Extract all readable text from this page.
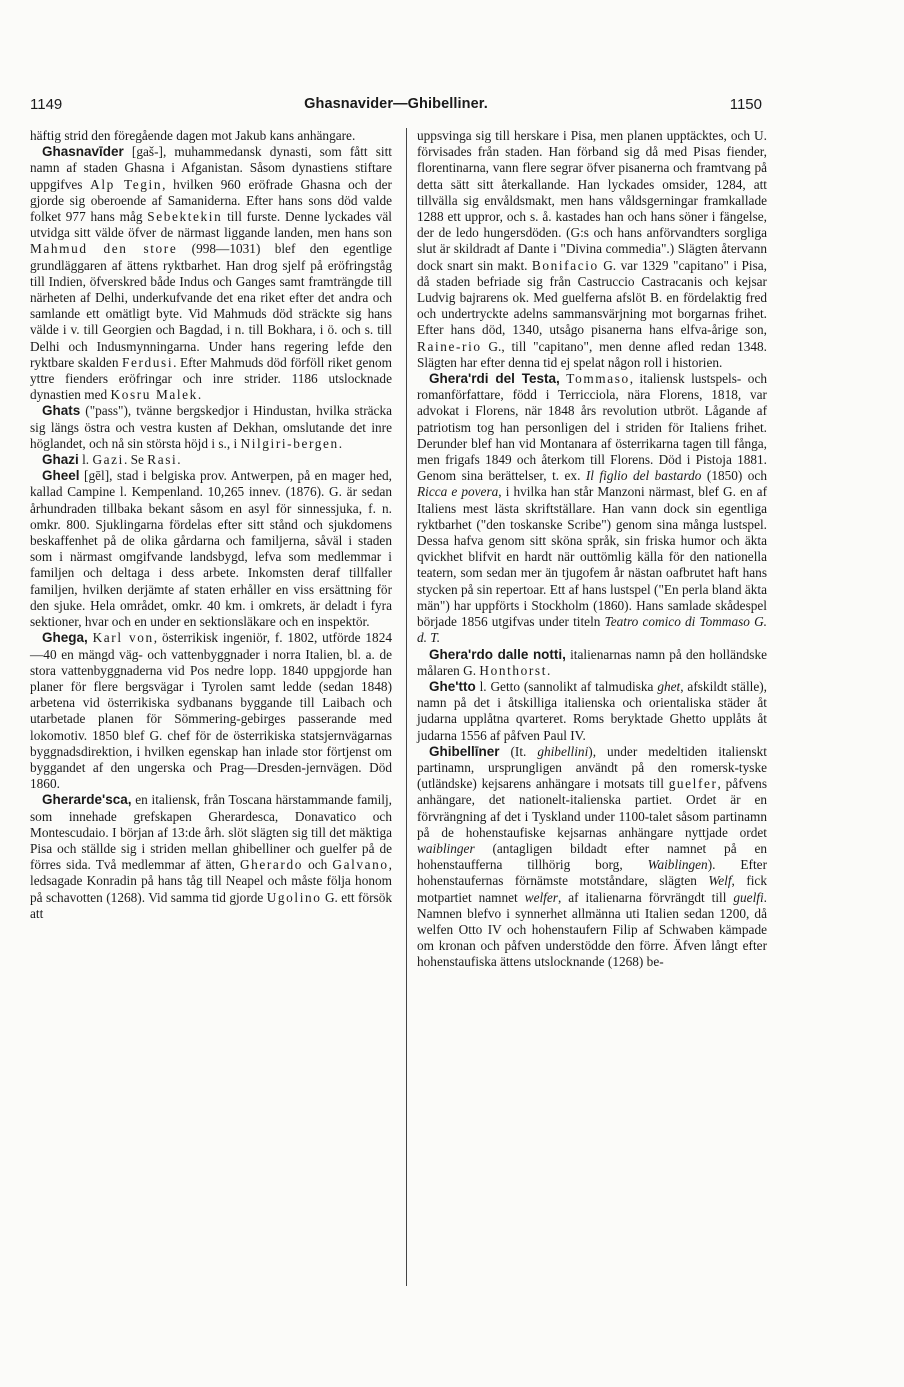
1149	Ghasnavider—Ghibelliner.	1150

häftig strid den föregående dagen mot Jakub kans anhängare.

Ghasnavīder [gaš-], muhammedansk dynasti, som fått sitt namn af staden Ghasna i Afganistan. Såsom dynastiens stiftare uppgifves Alp Tegin, hvilken 960 eröfrade Ghasna och der gjorde sig oberoende af Samaniderna. Efter hans sons död valde folket 977 hans måg Sebektekin till furste. Denne lyckades väl utvidga sitt välde öfver de närmast liggande landen, men hans son Mahmud den store (998—1031) blef den egentlige grundläggaren af ättens ryktbarhet. Han drog sjelf på eröfringståg till Indien, öfverskred både Indus och Ganges samt framträngde till närheten af Delhi, underkufvande det ena riket efter det andra och samlande ett omätligt byte. Vid Mahmuds död sträckte sig hans välde i v. till Georgien och Bagdad, i n. till Bokhara, i ö. och s. till Delhi och Indusmynningarna. Under hans regering lefde den ryktbare skalden Ferdusi. Efter Mahmuds död förföll riket genom yttre fienders eröfringar och inre strider. 1186 utslocknade dynastien med Kosru Malek.

Ghats ("pass"), tvänne bergskedjor i Hindustan, hvilka sträcka sig längs östra och vestra kusten af Dekhan, omslutande det inre höglandet, och nå sin största höjd i s., i Nilgiri-bergen.

Ghazi l. Gazi. Se Rasi.

Gheel [gēl], stad i belgiska prov. Antwerpen, på en mager hed, kallad Campine l. Kempenland. 10,265 innev. (1876). G. är sedan århundraden tillbaka bekant såsom en asyl för sinnessjuka, f. n. omkr. 800. Sjuklingarna fördelas efter sitt stånd och sjukdomens beskaffenhet på de olika gårdarna och familjerna, såväl i staden som i närmast omgifvande landsbygd, lefva som medlemmar i familjen och deltaga i dess arbete. Inkomsten deraf tillfaller familjen, hvilken derjämte af staten erhåller en viss ersättning för den sjuke. Hela området, omkr. 40 km. i omkrets, är deladt i fyra sektioner, hvar och en under en sektionsläkare och en inspektör.

Ghega, Karl von, österrikisk ingeniör, f. 1802, utförde 1824—40 en mängd väg- och vattenbyggnader i norra Italien, bl. a. de stora vattenbyggnaderna vid Pos nedre lopp. 1840 uppgjorde han planer för flere bergsvägar i Tyrolen samt ledde (sedan 1848) arbetena vid österrikiska sydbanans byggande till Laibach och utarbetade planen för Sömmering-gebirges passerande med lokomotiv. 1850 blef G. chef för de österrikiska statsjernvägarnas byggnadsdirektion, i hvilken egenskap han inlade stor förtjenst om byggandet af den ungerska och Prag—Dresden-jernvägen. Död 1860.

Gherarde'sca, en italiensk, från Toscana härstammande familj, som innehade grefskapen Gherardesca, Donavatico och Montescudaio. I början af 13:de årh. slöt slägten sig till det mäktiga Pisa och ställde sig i striden mellan ghibelliner och guelfer på de förres sida. Två medlemmar af ätten, Gherardo och Galvano, ledsagade Konradin på hans tåg till Neapel och måste följa honom på schavotten (1268). Vid samma tid gjorde Ugolino G. ett försök att

uppsvinga sig till herskare i Pisa, men planen upptäcktes, och U. förvisades från staden. Han förband sig då med Pisas fiender, florentinarna, vann flere segrar öfver pisanerna och framtvang på detta sätt sitt återkallande. Han lyckades omsider, 1284, att tillvälla sig envåldsmakt, men hans våldsgerningar framkallade 1288 ett uppror, och s. å. kastades han och hans söner i fängelse, der de ledo hungersdöden. (G:s och hans anförvandters sorgliga slut är skildradt af Dante i "Divina commedia".) Slägten återvann dock snart sin makt. Bonifacio G. var 1329 "capitano" i Pisa, då staden befriade sig från Castruccio Castracanis och kejsar Ludvig bajrarens ok. Med guelferna afslöt B. en fördelaktig fred och undertryckte adelns sammansvärjning mot borgarnas frihet. Efter hans död, 1340, utsågo pisanerna hans elfva-årige son, Raine-rio G., till "capitano", men denne afled redan 1348. Slägten har efter denna tid ej spelat någon roll i historien.

Ghera'rdi del Testa, Tommaso, italiensk lustspels- och romanförfattare, född i Terricciola, nära Florens, 1818, var advokat i Florens, när 1848 års revolution utbröt. Lågande af patriotism tog han personligen del i striden för Italiens frihet. Derunder blef han vid Montanara af österrikarna tagen till fånga, men frigafs 1849 och återkom till Florens. Död i Pistoja 1881. Genom sina berättelser, t. ex. Il figlio del bastardo (1850) och Ricca e povera, i hvilka han står Manzoni närmast, blef G. en af Italiens mest lästa skriftställare. Han vann dock sin egentliga ryktbarhet ("den toskanske Scribe") genom sina många lustspel. Dessa hafva genom sitt sköna språk, sin friska humor och äkta qvickhet blifvit en hardt när outtömlig källa för den nationella teatern, som sedan mer än tjugofem år nästan oafbrutet haft hans stycken på sin repertoar. Ett af hans lustspel ("En perla bland äkta män") har uppförts i Stockholm (1860). Hans samlade skådespel började 1856 utgifvas under titeln Teatro comico di Tommaso G. d. T.

Ghera'rdo dalle notti, italienarnas namn på den holländske målaren G. Honthorst.

Ghe'tto l. Getto (sannolikt af talmudiska ghet, afskildt ställe), namn på det i åtskilliga italienska och orientaliska städer åt judarna upplåtna qvarteret. Roms beryktade Ghetto upplåts åt judarna 1556 af påfven Paul IV.

Ghibellīner (It. ghibellini), under medeltiden italienskt partinamn, ursprungligen användt på den romersk-tyske (utländske) kejsarens anhängare i motsats till guelfer, påfvens anhängare, det nationelt-italienska partiet. Ordet är en förvrängning af det i Tyskland under 1100-talet såsom partinamn på de hohenstaufiske kejsarnas anhängare nyttjade ordet waiblinger (antagligen bildadt efter namnet på en hohenstaufferna tillhörig borg, Waiblingen). Efter hohenstaufernas förnämste motståndare, slägten Welf, fick motpartiet namnet welfer, af italienarna förvrängdt till guelfi. Namnen blefvo i synnerhet allmänna uti Italien sedan 1200, då welfen Otto IV och hohenstaufern Filip af Schwaben kämpade om kronan och påfven understödde den förre. Äfven långt efter hohenstaufiska ättens utslocknande (1268) be-
